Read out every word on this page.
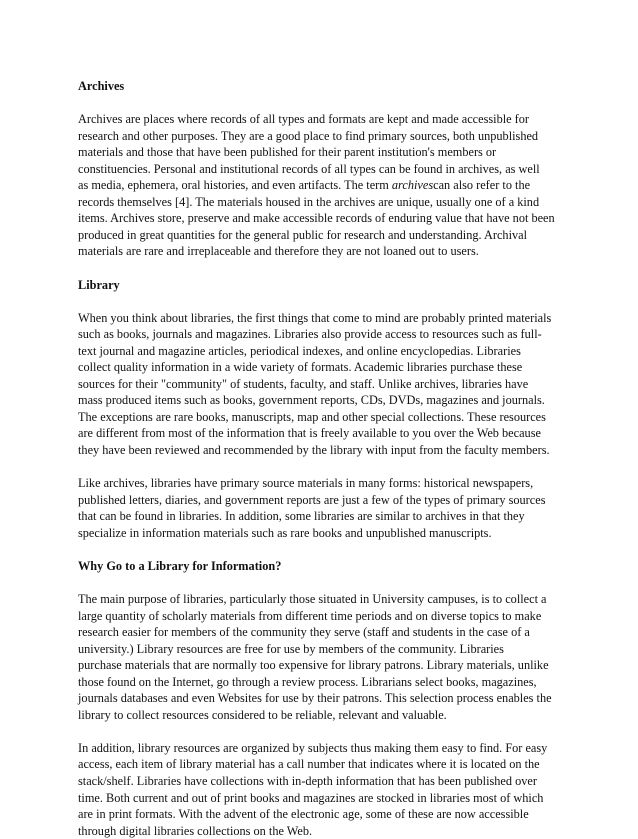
Archives
Archives are places where records of all types and formats are kept and made accessible for
research and other purposes. They are a good place to find primary sources, both unpublished
materials and those that have been published for their parent institution's members or
constituencies. Personal and institutional records of all types can be found in archives, as well
as media, ephemera, oral histories, and even artifacts. The term archivescan also refer to the
records themselves [4]. The materials housed in the archives are unique, usually one of a kind
items. Archives store, preserve and make accessible records of enduring value that have not been
produced in great quantities for the general public for research and understanding. Archival
materials are rare and irreplaceable and therefore they are not loaned out to users.
Library
When you think about libraries, the first things that come to mind are probably printed materials
such as books, journals and magazines. Libraries also provide access to resources such as full-
text journal and magazine articles, periodical indexes, and online encyclopedias. Libraries
collect quality information in a wide variety of formats. Academic libraries purchase these
sources for their "community" of students, faculty, and staff. Unlike archives, libraries have
mass produced items such as books, government reports, CDs, DVDs, magazines and journals.
The exceptions are rare books, manuscripts, map and other special collections. These resources
are different from most of the information that is freely available to you over the Web because
they have been reviewed and recommended by the library with input from the faculty members.
Like archives, libraries have primary source materials in many forms: historical newspapers,
published letters, diaries, and government reports are just a few of the types of primary sources
that can be found in libraries. In addition, some libraries are similar to archives in that they
specialize in information materials such as rare books and unpublished manuscripts.
Why Go to a Library for Information?
The main purpose of libraries, particularly those situated in University campuses, is to collect a
large quantity of scholarly materials from different time periods and on diverse topics to make
research easier for members of the community they serve (staff and students in the case of a
university.) Library resources are free for use by members of the community. Libraries
purchase materials that are normally too expensive for library patrons. Library materials, unlike
those found on the Internet, go through a review process. Librarians select books, magazines,
journals databases and even Websites for use by their patrons. This selection process enables the
library to collect resources considered to be reliable, relevant and valuable.
In addition, library resources are organized by subjects thus making them easy to find. For easy
access, each item of library material has a call number that indicates where it is located on the
stack/shelf. Libraries have collections with in-depth information that has been published over
time. Both current and out of print books and magazines are stocked in libraries most of which
are in print formats. With the advent of the electronic age, some of these are now accessible
through digital libraries collections on the Web.
